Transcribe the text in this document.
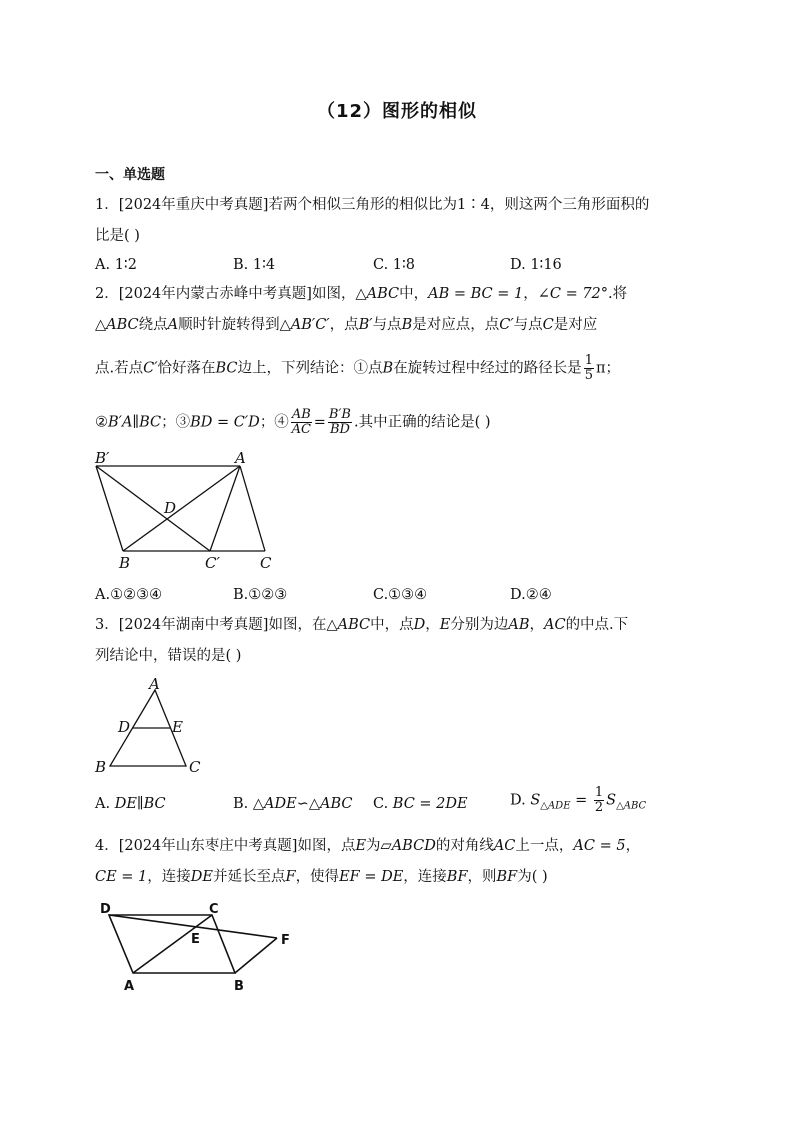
（12）图形的相似
一、单选题
1．[2024年重庆中考真题]若两个相似三角形的相似比为1∶4，则这两个三角形面积的
比是( )
A. 1∶2	B. 1∶4	C. 1∶8	D. 1∶16
2．[2024年内蒙古赤峰中考真题]如图，△ABC中，AB = BC = 1，∠C = 72°.将
△ABC绕点A顺时针旋转得到△AB′C′，点B′与点B是对应点，点C′与点C是对应
点.若点C′恰好落在BC边上，下列结论：①点B在旋转过程中经过的路径长是 $\frac{1}{5}$ π；
②B′A∥BC；③BD = C′D；④ $\frac{AB}{AC} = \frac{B'B}{BD}$ .其中正确的结论是( )
B′	A
D
B	C′	C
A.①②③④	B.①②③	C.①③④	D.②④
3．[2024年湖南中考真题]如图，在△ABC中，点D，E分别为边AB，AC的中点.下
列结论中，错误的是( )
A
D	E
B	C
A. DE∥BC	B. △ADE∽△ABC C. BC = 2DE	D. $S_{\triangle ADE} = \frac{1}{2} S_{\triangle ABC}$
4．[2024年山东枣庄中考真题]如图，点E为▱ABCD的对角线AC上一点，AC = 5，
CE = 1，连接DE并延长至点F，使得EF = DE，连接BF，则BF为( )
D	C
E	F
A	B
